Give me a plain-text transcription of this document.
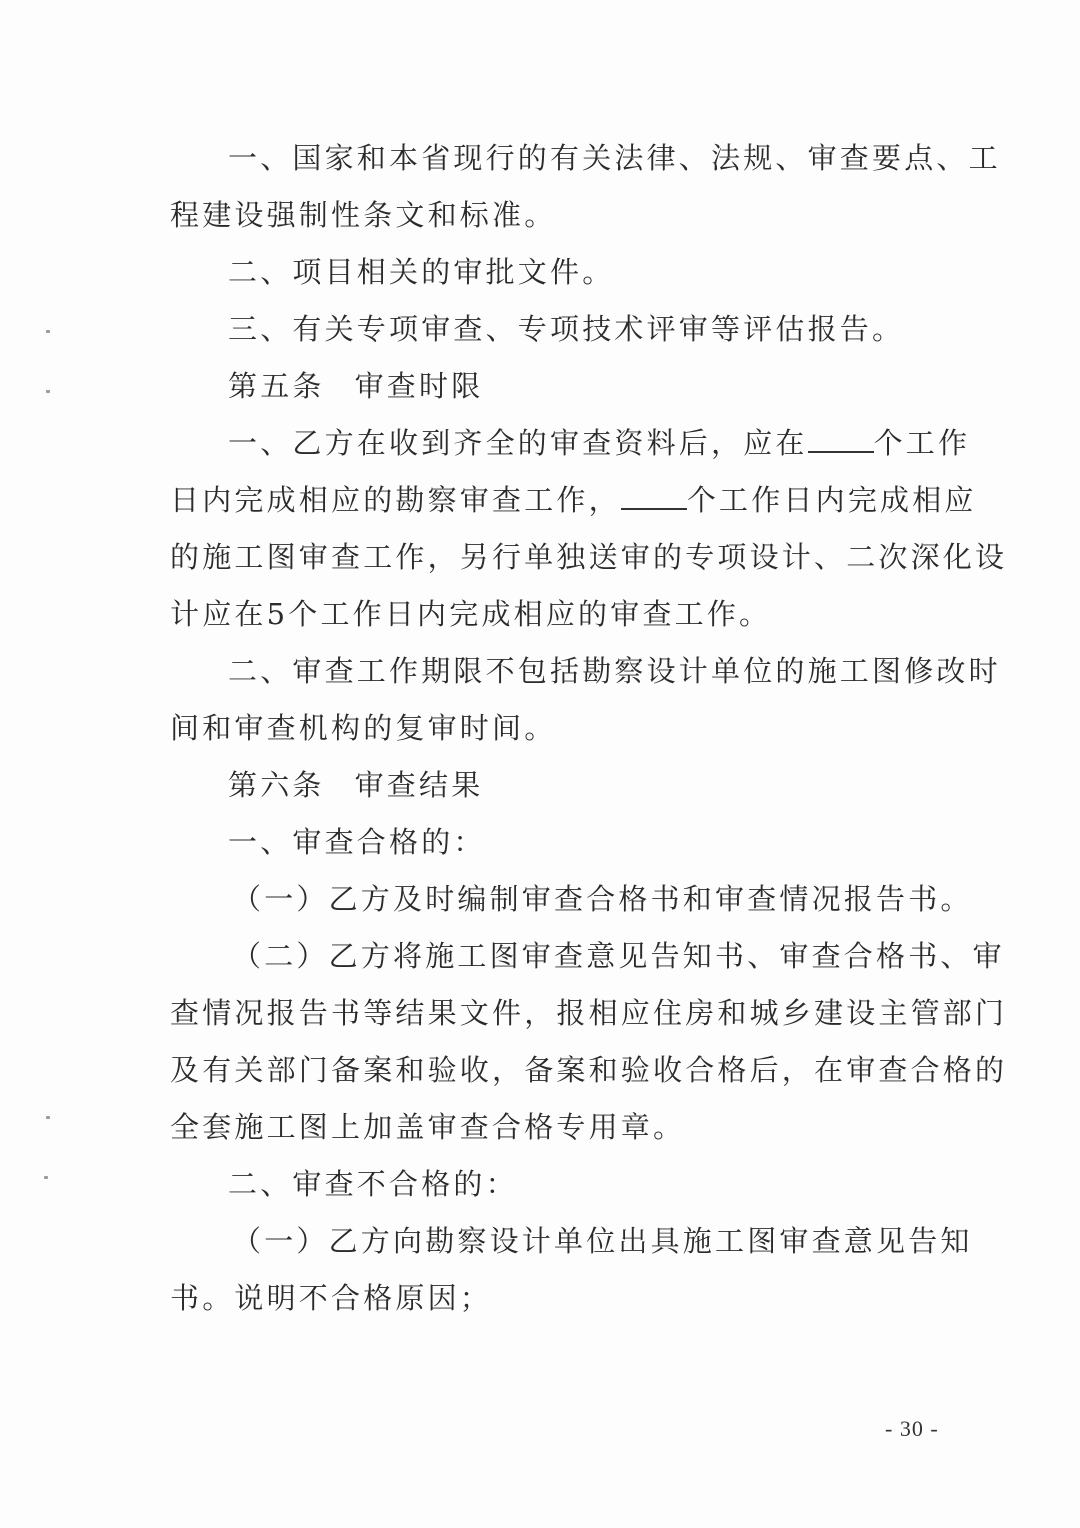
一、国家和本省现行的有关法律、法规、审查要点、工
程建设强制性条文和标准。
二、项目相关的审批文件。
三、有关专项审查、专项技术评审等评估报告。
第五条 审查时限
一、乙方在收到齐全的审查资料后，应在 个工作
日内完成相应的勘察审查工作， 个工作日内完成相应
的施工图审查工作，另行单独送审的专项设计、二次深化设
计应在5个工作日内完成相应的审查工作。
二、审查工作期限不包括勘察设计单位的施工图修改时
间和审查机构的复审时间。
第六条 审查结果
一、审查合格的：
（一）乙方及时编制审查合格书和审查情况报告书。
（二）乙方将施工图审查意见告知书、审查合格书、审
查情况报告书等结果文件，报相应住房和城乡建设主管部门
及有关部门备案和验收，备案和验收合格后，在审查合格的
全套施工图上加盖审查合格专用章。
二、审查不合格的：
（一）乙方向勘察设计单位出具施工图审查意见告知
书。说明不合格原因；
- 30 -
